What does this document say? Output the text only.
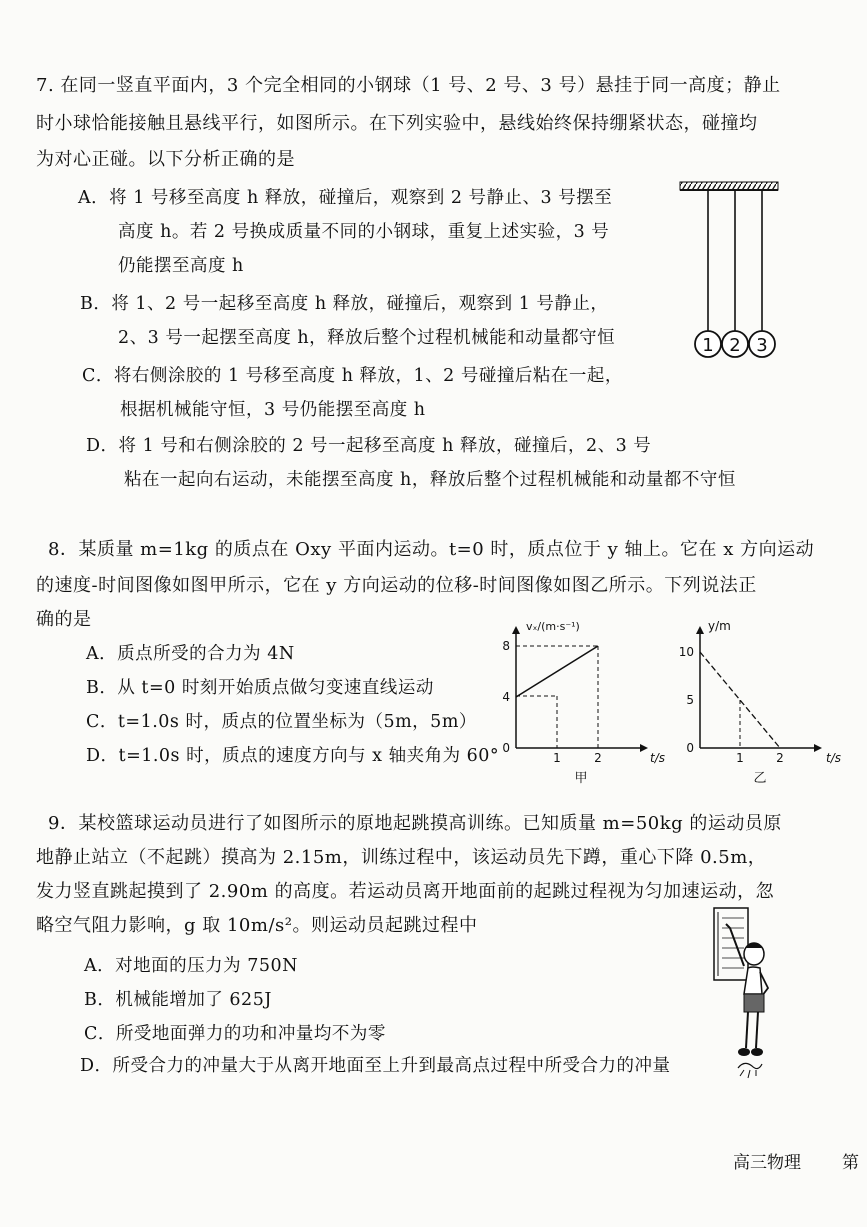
7. 在同一竖直平面内，3 个完全相同的小钢球（1 号、2 号、3 号）悬挂于同一高度；静止
时小球恰能接触且悬线平行，如图所示。在下列实验中，悬线始终保持绷紧状态，碰撞均
为对心正碰。以下分析正确的是
A．将 1 号移至高度 h 释放，碰撞后，观察到 2 号静止、3 号摆至
高度 h。若 2 号换成质量不同的小钢球，重复上述实验，3 号
仍能摆至高度 h
B．将 1、2 号一起移至高度 h 释放，碰撞后，观察到 1 号静止，
2、3 号一起摆至高度 h，释放后整个过程机械能和动量都守恒
C．将右侧涂胶的 1 号移至高度 h 释放，1、2 号碰撞后粘在一起，
根据机械能守恒，3 号仍能摆至高度 h
D．将 1 号和右侧涂胶的 2 号一起移至高度 h 释放，碰撞后，2、3 号
粘在一起向右运动，未能摆至高度 h，释放后整个过程机械能和动量都不守恒
1 2 3
8．某质量 m=1kg 的质点在 Oxy 平面内运动。t=0 时，质点位于 y 轴上。它在 x 方向运动
的速度-时间图像如图甲所示，它在 y 方向运动的位移-时间图像如图乙所示。下列说法正
确的是
A．质点所受的合力为 4N
B．从 t=0 时刻开始质点做匀变速直线运动
C．t=1.0s 时，质点的位置坐标为（5m，5m）
D．t=1.0s 时，质点的速度方向与 x 轴夹角为 60°
vₓ/(m·s⁻¹)
8
4
0
1	2	t/s
甲
y/m
10
5
0
1	2	t/s
乙
9．某校篮球运动员进行了如图所示的原地起跳摸高训练。已知质量 m=50kg 的运动员原
地静止站立（不起跳）摸高为 2.15m，训练过程中，该运动员先下蹲，重心下降 0.5m，
发力竖直跳起摸到了 2.90m 的高度。若运动员离开地面前的起跳过程视为匀加速运动，忽
略空气阻力影响，g 取 10m/s²。则运动员起跳过程中
A．对地面的压力为 750N
B．机械能增加了 625J
C．所受地面弹力的功和冲量均不为零
D．所受合力的冲量大于从离开地面至上升到最高点过程中所受合力的冲量
高三物理 第
